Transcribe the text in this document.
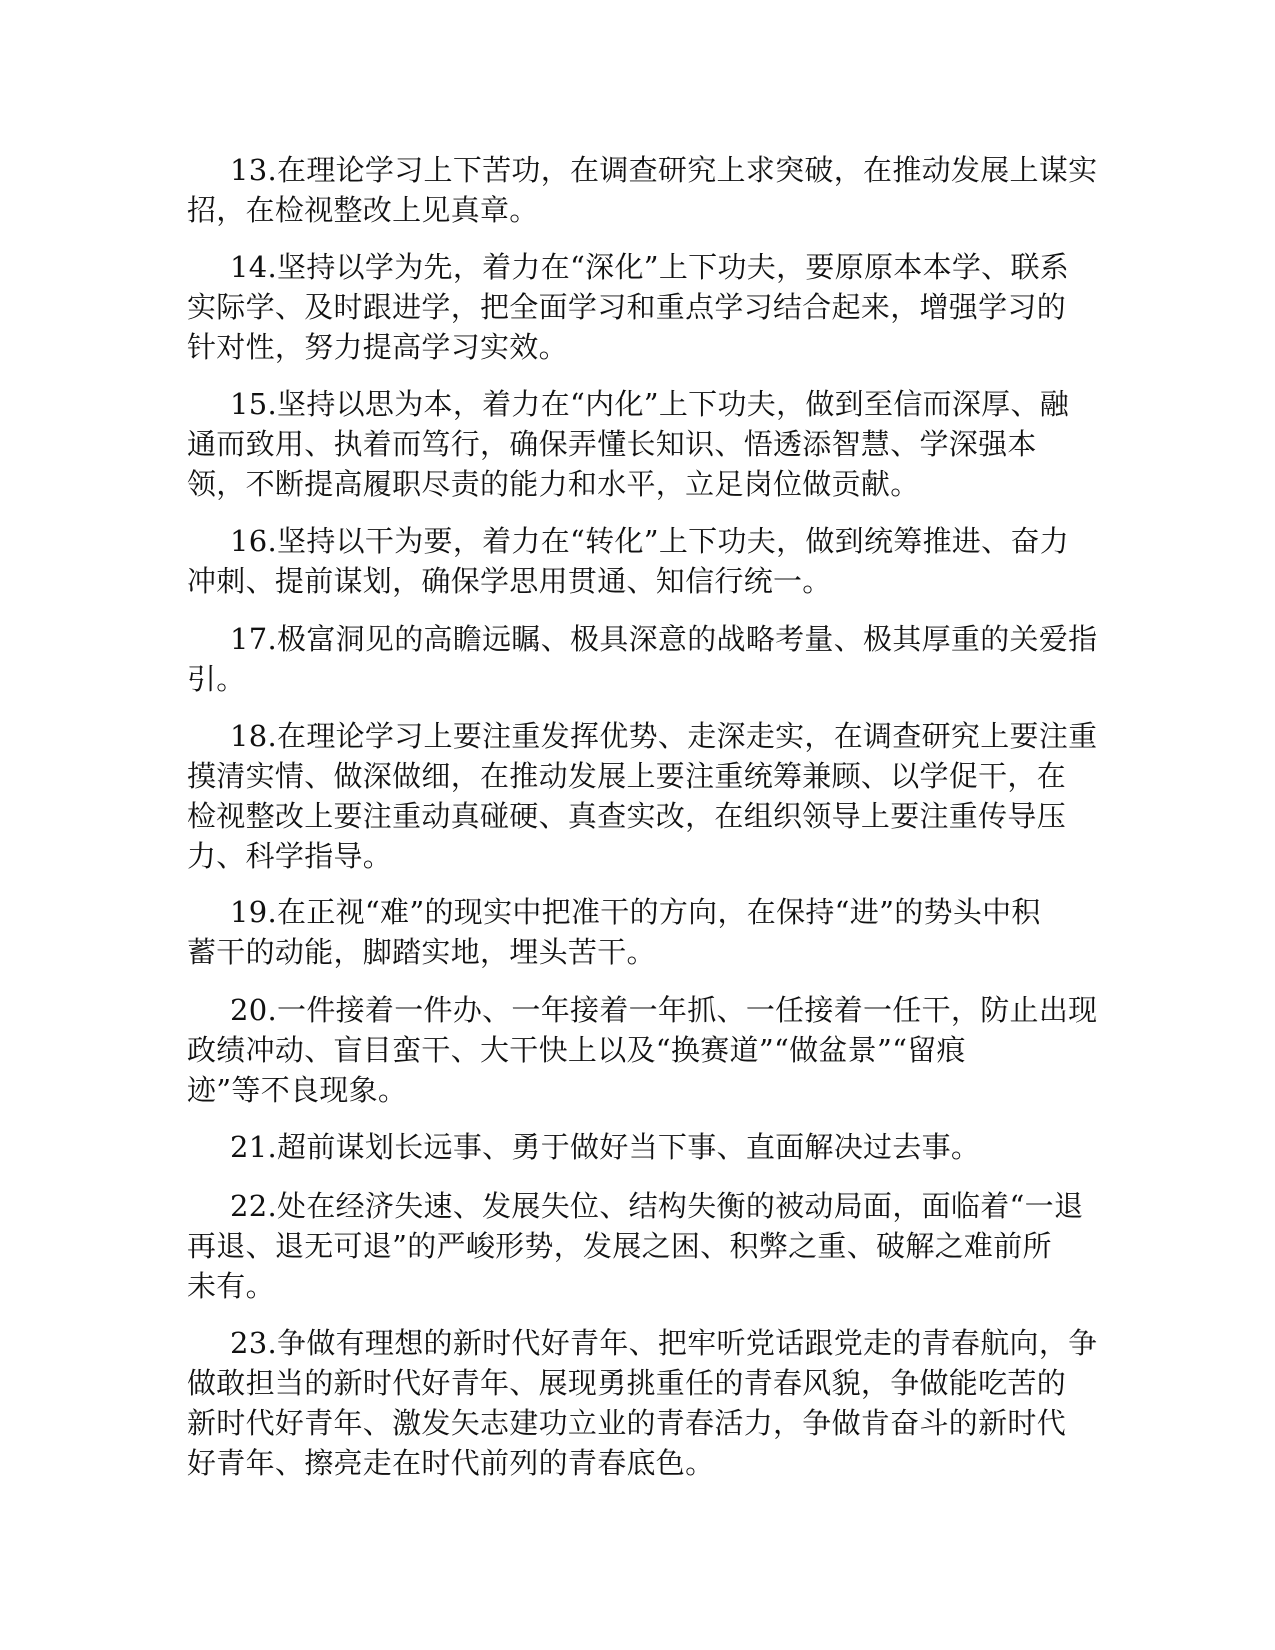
13.在理论学习上下苦功，在调查研究上求突破，在推动发展上谋实
招，在检视整改上见真章。

14.坚持以学为先，着力在“深化”上下功夫，要原原本本学、联系
实际学、及时跟进学，把全面学习和重点学习结合起来，增强学习的
针对性，努力提高学习实效。

15.坚持以思为本，着力在“内化”上下功夫，做到至信而深厚、融
通而致用、执着而笃行，确保弄懂长知识、悟透添智慧、学深强本
领，不断提高履职尽责的能力和水平，立足岗位做贡献。

16.坚持以干为要，着力在“转化”上下功夫，做到统筹推进、奋力
冲刺、提前谋划，确保学思用贯通、知信行统一。

17.极富洞见的高瞻远瞩、极具深意的战略考量、极其厚重的关爱指
引。

18.在理论学习上要注重发挥优势、走深走实，在调查研究上要注重
摸清实情、做深做细，在推动发展上要注重统筹兼顾、以学促干，在
检视整改上要注重动真碰硬、真查实改，在组织领导上要注重传导压
力、科学指导。

19.在正视“难”的现实中把准干的方向，在保持“进”的势头中积
蓄干的动能，脚踏实地，埋头苦干。

20.一件接着一件办、一年接着一年抓、一任接着一任干，防止出现
政绩冲动、盲目蛮干、大干快上以及“换赛道”“做盆景”“留痕
迹”等不良现象。

21.超前谋划长远事、勇于做好当下事、直面解决过去事。

22.处在经济失速、发展失位、结构失衡的被动局面，面临着“一退
再退、退无可退”的严峻形势，发展之困、积弊之重、破解之难前所
未有。

23.争做有理想的新时代好青年、把牢听党话跟党走的青春航向，争
做敢担当的新时代好青年、展现勇挑重任的青春风貌，争做能吃苦的
新时代好青年、激发矢志建功立业的青春活力，争做肯奋斗的新时代
好青年、擦亮走在时代前列的青春底色。
